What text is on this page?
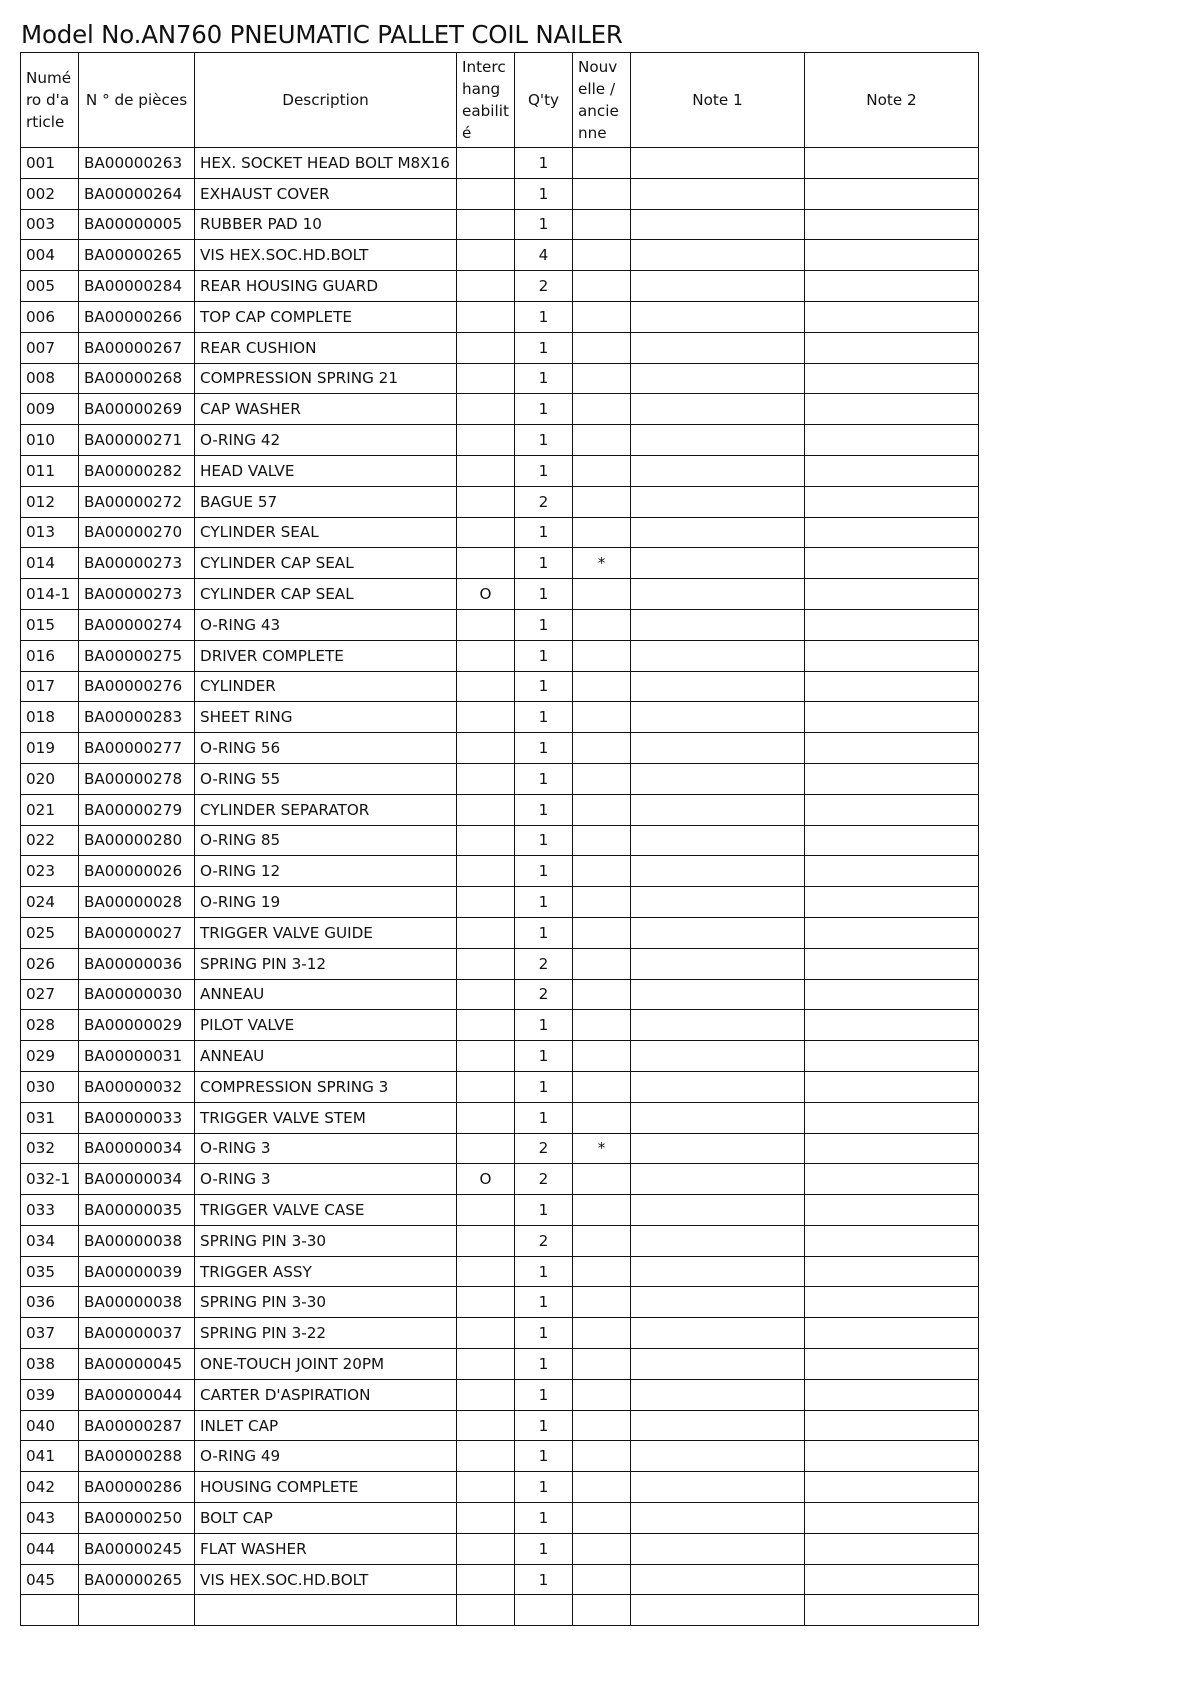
Model No.AN760 PNEUMATIC PALLET COIL NAILER
Numéro d'article	N ° de pièces	Description	Interchangeabilité	Q'ty	Nouvelle / ancienne	Note 1	Note 2
001	BA00000263	HEX. SOCKET HEAD BOLT M8X16		1			
002	BA00000264	EXHAUST COVER		1			
003	BA00000005	RUBBER PAD 10		1			
004	BA00000265	VIS HEX.SOC.HD.BOLT		4			
005	BA00000284	REAR HOUSING GUARD		2			
006	BA00000266	TOP CAP COMPLETE		1			
007	BA00000267	REAR CUSHION		1			
008	BA00000268	COMPRESSION SPRING 21		1			
009	BA00000269	CAP WASHER		1			
010	BA00000271	O-RING 42		1			
011	BA00000282	HEAD VALVE		1			
012	BA00000272	BAGUE 57		2			
013	BA00000270	CYLINDER SEAL		1			
014	BA00000273	CYLINDER CAP SEAL		1	*		
014-1	BA00000273	CYLINDER CAP SEAL	O	1			
015	BA00000274	O-RING 43		1			
016	BA00000275	DRIVER COMPLETE		1			
017	BA00000276	CYLINDER		1			
018	BA00000283	SHEET RING		1			
019	BA00000277	O-RING 56		1			
020	BA00000278	O-RING 55		1			
021	BA00000279	CYLINDER SEPARATOR		1			
022	BA00000280	O-RING 85		1			
023	BA00000026	O-RING 12		1			
024	BA00000028	O-RING 19		1			
025	BA00000027	TRIGGER VALVE GUIDE		1			
026	BA00000036	SPRING PIN 3-12		2			
027	BA00000030	ANNEAU		2			
028	BA00000029	PILOT VALVE		1			
029	BA00000031	ANNEAU		1			
030	BA00000032	COMPRESSION SPRING 3		1			
031	BA00000033	TRIGGER VALVE STEM		1			
032	BA00000034	O-RING 3		2	*		
032-1	BA00000034	O-RING 3	O	2			
033	BA00000035	TRIGGER VALVE CASE		1			
034	BA00000038	SPRING PIN 3-30		2			
035	BA00000039	TRIGGER ASSY		1			
036	BA00000038	SPRING PIN 3-30		1			
037	BA00000037	SPRING PIN 3-22		1			
038	BA00000045	ONE-TOUCH JOINT 20PM		1			
039	BA00000044	CARTER D'ASPIRATION		1			
040	BA00000287	INLET CAP		1			
041	BA00000288	O-RING 49		1			
042	BA00000286	HOUSING COMPLETE		1			
043	BA00000250	BOLT CAP		1			
044	BA00000245	FLAT WASHER		1			
045	BA00000265	VIS HEX.SOC.HD.BOLT		1			
